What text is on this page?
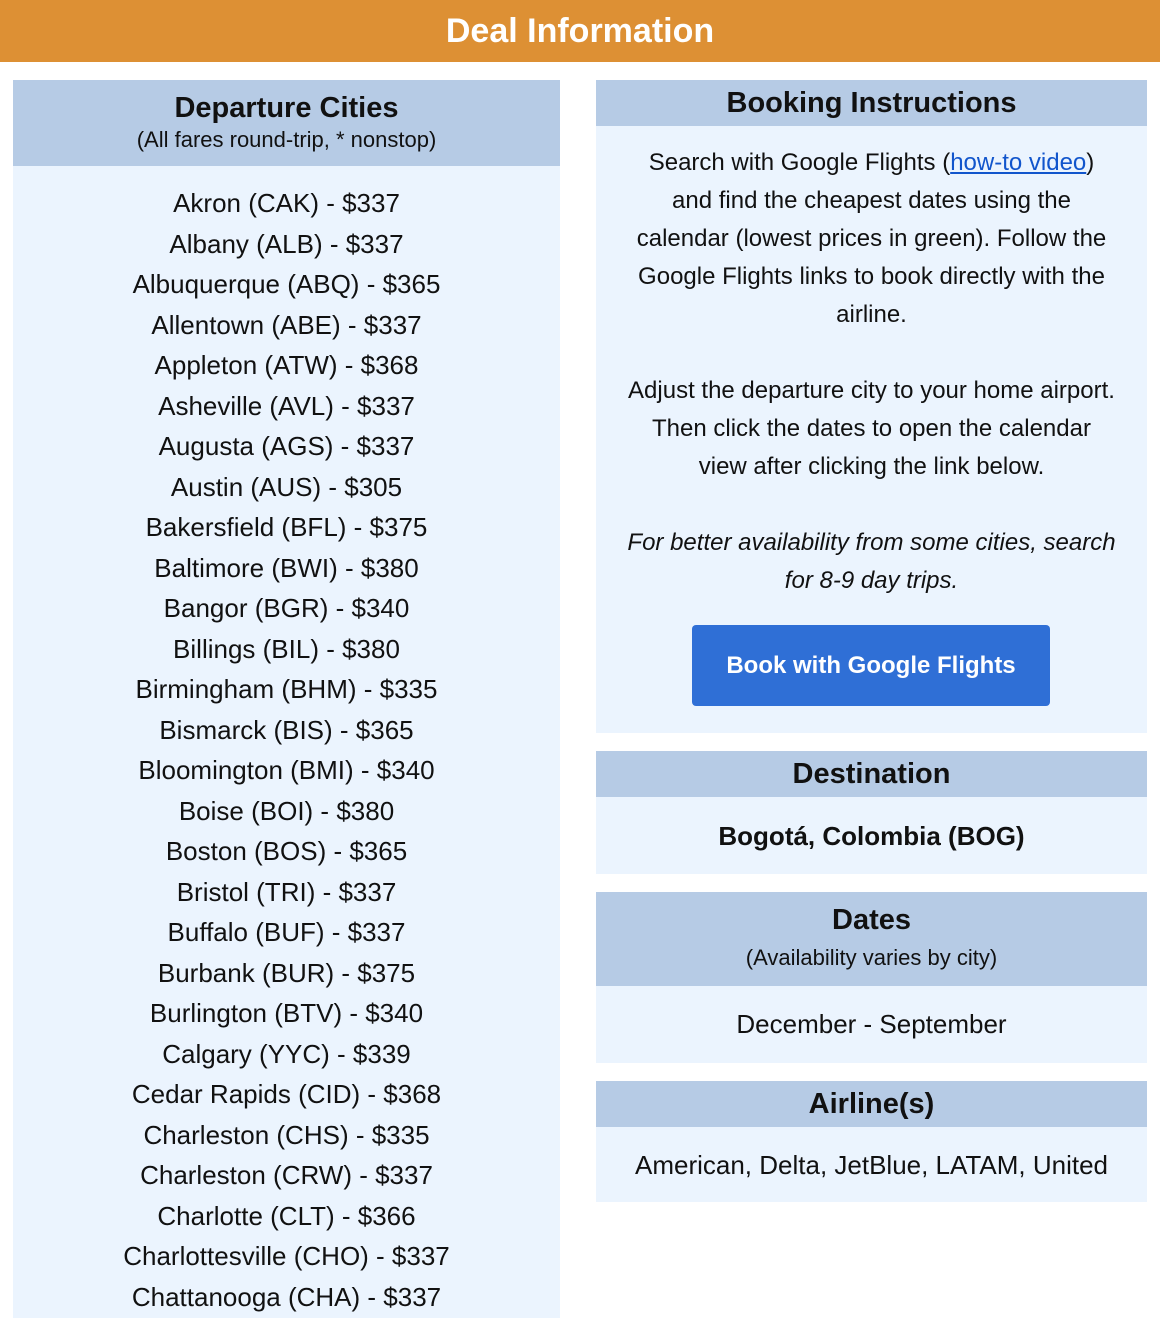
Deal Information
Departure Cities
(All fares round-trip, * nonstop)
Akron (CAK) - $337
Albany (ALB) - $337
Albuquerque (ABQ) - $365
Allentown (ABE) - $337
Appleton (ATW) - $368
Asheville (AVL) - $337
Augusta (AGS) - $337
Austin (AUS) - $305
Bakersfield (BFL) - $375
Baltimore (BWI) - $380
Bangor (BGR) - $340
Billings (BIL) - $380
Birmingham (BHM) - $335
Bismarck (BIS) - $365
Bloomington (BMI) - $340
Boise (BOI) - $380
Boston (BOS) - $365
Bristol (TRI) - $337
Buffalo (BUF) - $337
Burbank (BUR) - $375
Burlington (BTV) - $340
Calgary (YYC) - $339
Cedar Rapids (CID) - $368
Charleston (CHS) - $335
Charleston (CRW) - $337
Charlotte (CLT) - $366
Charlottesville (CHO) - $337
Chattanooga (CHA) - $337
Booking Instructions

Search with Google Flights (how-to video) and find the cheapest dates using the calendar (lowest prices in green). Follow the Google Flights links to book directly with the airline.

Adjust the departure city to your home airport. Then click the dates to open the calendar view after clicking the link below.

For better availability from some cities, search for 8-9 day trips.

Book with Google Flights
Destination
Bogotá, Colombia (BOG)
Dates
(Availability varies by city)
December - September
Airline(s)
American, Delta, JetBlue, LATAM, United
